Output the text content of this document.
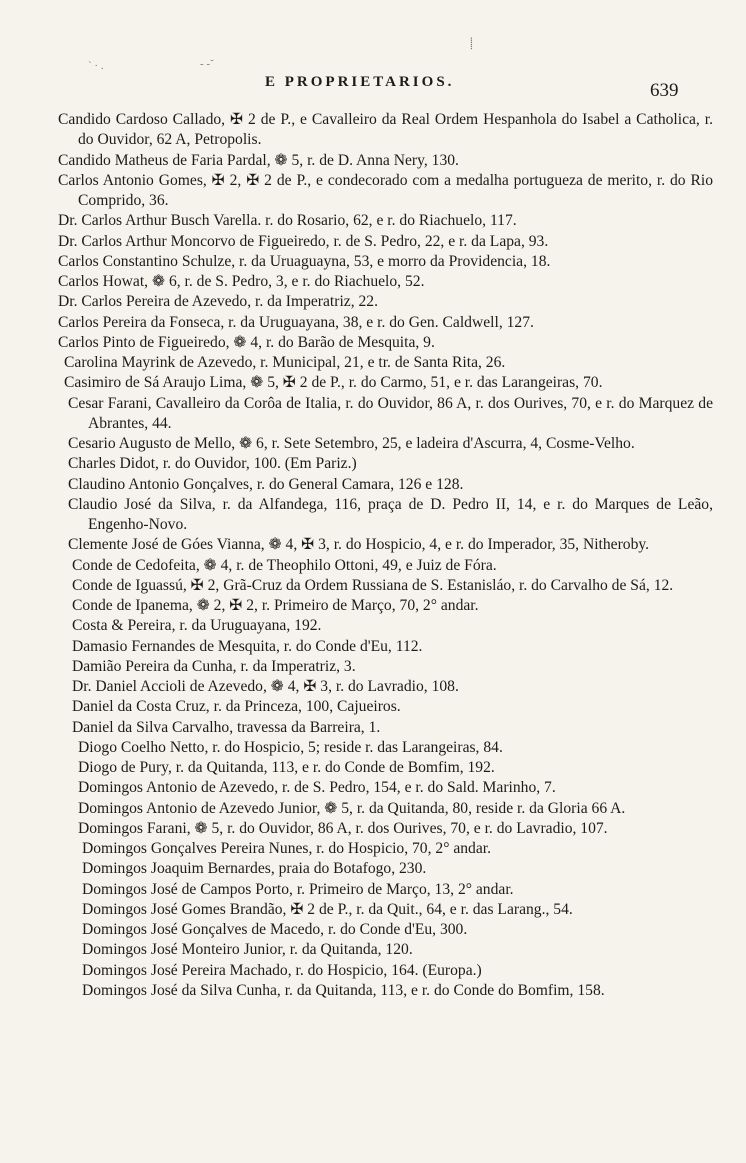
` · .	- -˘
⸽
E PROPRIETARIOS.	639
Candido Cardoso Callado, ✠ 2 de P., e Cavalleiro da Real Ordem Hespanhola do Isabel a Catholica, r. do Ouvidor, 62 A, Petropolis.
Candido Matheus de Faria Pardal, ❁ 5, r. de D. Anna Nery, 130.
Carlos Antonio Gomes, ✠ 2, ✠ 2 de P., e condecorado com a medalha portugueza de merito, r. do Rio Comprido, 36.
Dr. Carlos Arthur Busch Varella. r. do Rosario, 62, e r. do Riachuelo, 117.
Dr. Carlos Arthur Moncorvo de Figueiredo, r. de S. Pedro, 22, e r. da Lapa, 93.
Carlos Constantino Schulze, r. da Uruaguayna, 53, e morro da Providencia, 18.
Carlos Howat, ❁ 6, r. de S. Pedro, 3, e r. do Riachuelo, 52.
Dr. Carlos Pereira de Azevedo, r. da Imperatriz, 22.
Carlos Pereira da Fonseca, r. da Uruguayana, 38, e r. do Gen. Caldwell, 127.
Carlos Pinto de Figueiredo, ❁ 4, r. do Barão de Mesquita, 9.
Carolina Mayrink de Azevedo, r. Municipal, 21, e tr. de Santa Rita, 26.
Casimiro de Sá Araujo Lima, ❁ 5, ✠ 2 de P., r. do Carmo, 51, e r. das Larangeiras, 70.
Cesar Farani, Cavalleiro da Corôa de Italia, r. do Ouvidor, 86 A, r. dos Ourives, 70, e r. do Marquez de Abrantes, 44.
Cesario Augusto de Mello, ❁ 6, r. Sete Setembro, 25, e ladeira d'Ascurra, 4, Cosme-Velho.
Charles Didot, r. do Ouvidor, 100. (Em Pariz.)
Claudino Antonio Gonçalves, r. do General Camara, 126 e 128.
Claudio José da Silva, r. da Alfandega, 116, praça de D. Pedro II, 14, e r. do Marques de Leão, Engenho-Novo.
Clemente José de Góes Vianna, ❁ 4, ✠ 3, r. do Hospicio, 4, e r. do Imperador, 35, Nitheroby.
Conde de Cedofeita, ❁ 4, r. de Theophilo Ottoni, 49, e Juiz de Fóra.
Conde de Iguassú, ✠ 2, Grã-Cruz da Ordem Russiana de S. Estanisláo, r. do Carvalho de Sá, 12.
Conde de Ipanema, ❁ 2, ✠ 2, r. Primeiro de Março, 70, 2° andar.
Costa & Pereira, r. da Uruguayana, 192.
Damasio Fernandes de Mesquita, r. do Conde d'Eu, 112.
Damião Pereira da Cunha, r. da Imperatriz, 3.
Dr. Daniel Accioli de Azevedo, ❁ 4, ✠ 3, r. do Lavradio, 108.
Daniel da Costa Cruz, r. da Princeza, 100, Cajueiros.
Daniel da Silva Carvalho, travessa da Barreira, 1.
Diogo Coelho Netto, r. do Hospicio, 5; reside r. das Larangeiras, 84.
Diogo de Pury, r. da Quitanda, 113, e r. do Conde de Bomfim, 192.
Domingos Antonio de Azevedo, r. de S. Pedro, 154, e r. do Sald. Marinho, 7.
Domingos Antonio de Azevedo Junior, ❁ 5, r. da Quitanda, 80, reside r. da Gloria 66 A.
Domingos Farani, ❁ 5, r. do Ouvidor, 86 A, r. dos Ourives, 70, e r. do Lavradio, 107.
Domingos Gonçalves Pereira Nunes, r. do Hospicio, 70, 2° andar.
Domingos Joaquim Bernardes, praia do Botafogo, 230.
Domingos José de Campos Porto, r. Primeiro de Março, 13, 2° andar.
Domingos José Gomes Brandão, ✠ 2 de P., r. da Quit., 64, e r. das Larang., 54.
Domingos José Gonçalves de Macedo, r. do Conde d'Eu, 300.
Domingos José Monteiro Junior, r. da Quitanda, 120.
Domingos José Pereira Machado, r. do Hospicio, 164. (Europa.)
Domingos José da Silva Cunha, r. da Quitanda, 113, e r. do Conde do Bomfim, 158.
